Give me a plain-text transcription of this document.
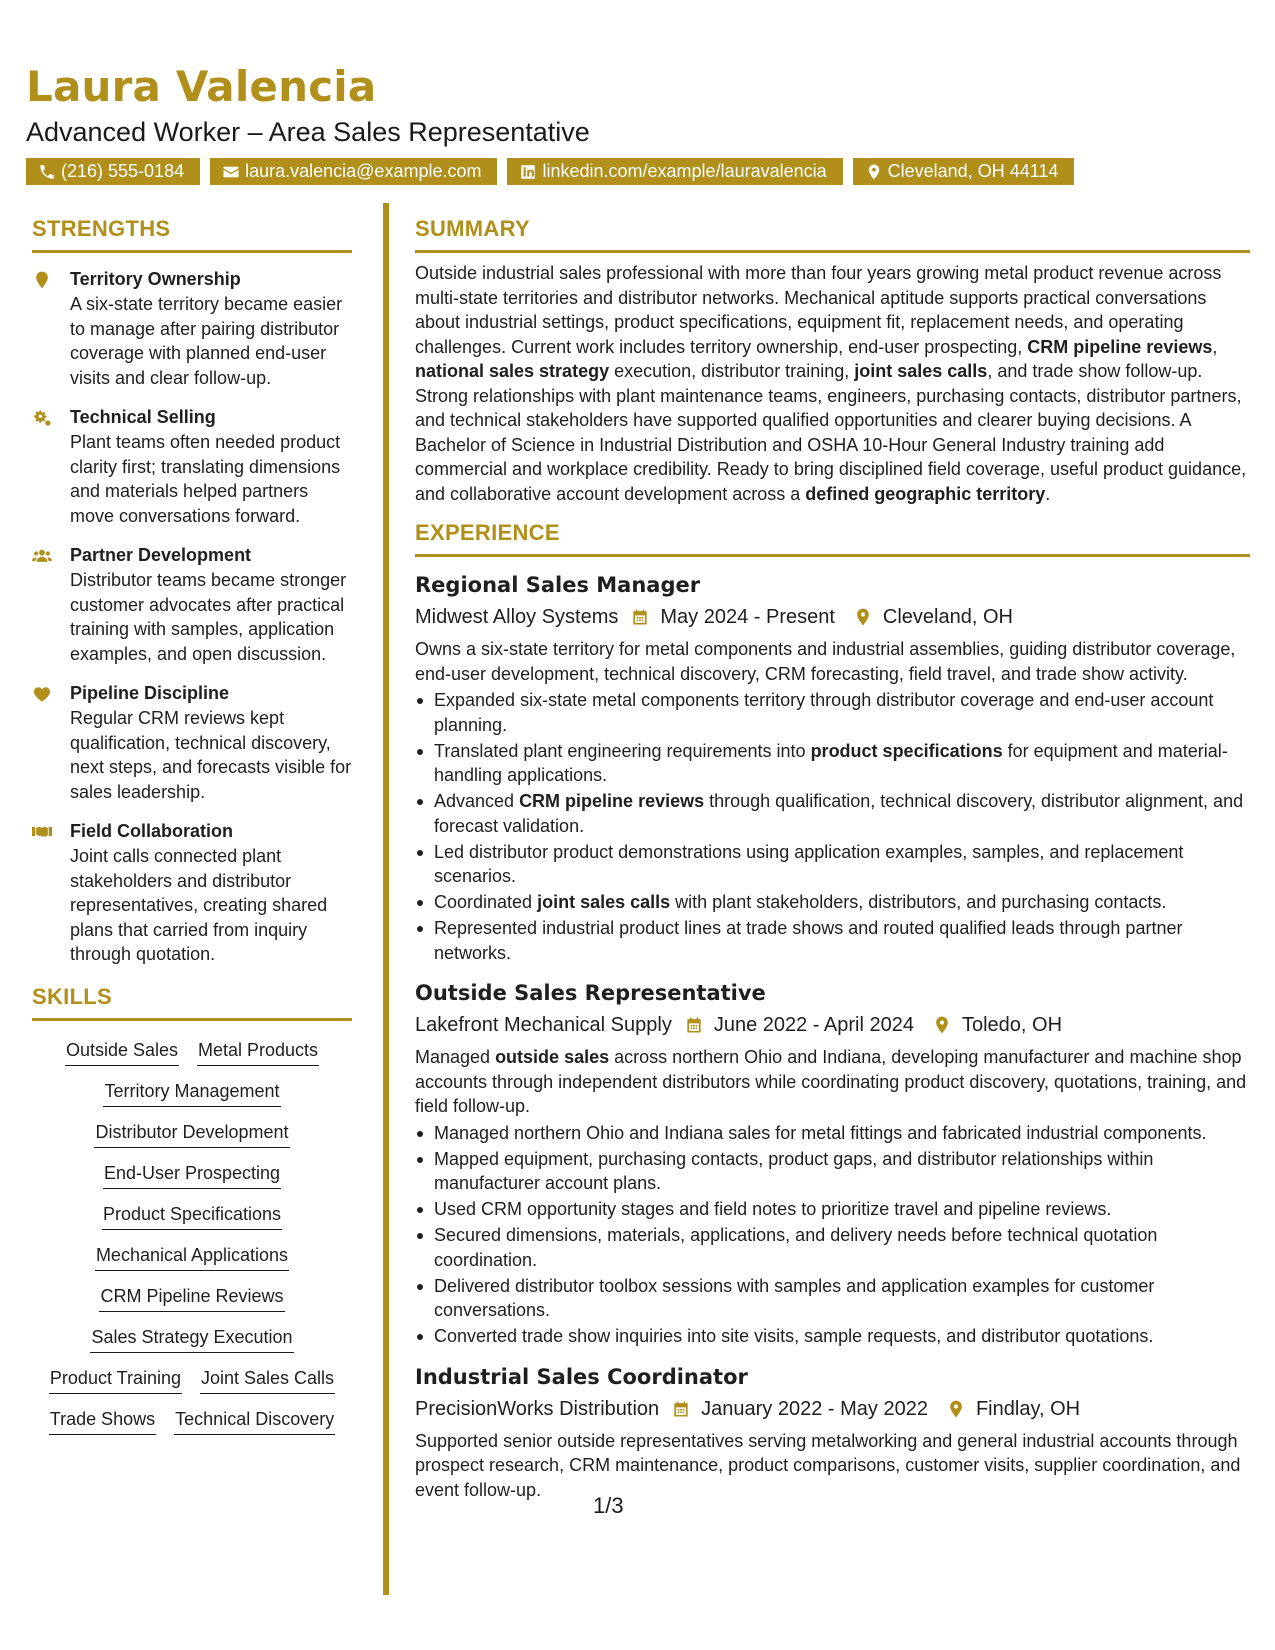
Laura Valencia
Advanced Worker – Area Sales Representative
(216) 555-0184	laura.valencia@example.com	linkedin.com/example/lauravalencia	Cleveland, OH 44114
STRENGTHS
Territory Ownership
A six-state territory became easier to manage after pairing distributor coverage with planned end-user visits and clear follow-up.
Technical Selling
Plant teams often needed product clarity first; translating dimensions and materials helped partners move conversations forward.
Partner Development
Distributor teams became stronger customer advocates after practical training with samples, application examples, and open discussion.
Pipeline Discipline
Regular CRM reviews kept qualification, technical discovery, next steps, and forecasts visible for sales leadership.
Field Collaboration
Joint calls connected plant stakeholders and distributor representatives, creating shared plans that carried from inquiry through quotation.
SKILLS
Outside Sales Metal Products
Territory Management
Distributor Development
End-User Prospecting
Product Specifications
Mechanical Applications
CRM Pipeline Reviews
Sales Strategy Execution
Product Training Joint Sales Calls
Trade Shows Technical Discovery
SUMMARY
Outside industrial sales professional with more than four years growing metal product revenue across multi-state territories and distributor networks. Mechanical aptitude supports practical conversations about industrial settings, product specifications, equipment fit, replacement needs, and operating challenges. Current work includes territory ownership, end-user prospecting, CRM pipeline reviews, national sales strategy execution, distributor training, joint sales calls, and trade show follow-up. Strong relationships with plant maintenance teams, engineers, purchasing contacts, distributor partners, and technical stakeholders have supported qualified opportunities and clearer buying decisions. A Bachelor of Science in Industrial Distribution and OSHA 10-Hour General Industry training add commercial and workplace credibility. Ready to bring disciplined field coverage, useful product guidance, and collaborative account development across a defined geographic territory.
EXPERIENCE
Regional Sales Manager
Midwest Alloy Systems May 2024 - Present Cleveland, OH
Owns a six-state territory for metal components and industrial assemblies, guiding distributor coverage, end-user development, technical discovery, CRM forecasting, field travel, and trade show activity.
Expanded six-state metal components territory through distributor coverage and end-user account planning.
Translated plant engineering requirements into product specifications for equipment and material-handling applications.
Advanced CRM pipeline reviews through qualification, technical discovery, distributor alignment, and forecast validation.
Led distributor product demonstrations using application examples, samples, and replacement scenarios.
Coordinated joint sales calls with plant stakeholders, distributors, and purchasing contacts.
Represented industrial product lines at trade shows and routed qualified leads through partner networks.
Outside Sales Representative
Lakefront Mechanical Supply June 2022 - April 2024 Toledo, OH
Managed outside sales across northern Ohio and Indiana, developing manufacturer and machine shop accounts through independent distributors while coordinating product discovery, quotations, training, and field follow-up.
Managed northern Ohio and Indiana sales for metal fittings and fabricated industrial components.
Mapped equipment, purchasing contacts, product gaps, and distributor relationships within manufacturer account plans.
Used CRM opportunity stages and field notes to prioritize travel and pipeline reviews.
Secured dimensions, materials, applications, and delivery needs before technical quotation coordination.
Delivered distributor toolbox sessions with samples and application examples for customer conversations.
Converted trade show inquiries into site visits, sample requests, and distributor quotations.
Industrial Sales Coordinator
PrecisionWorks Distribution January 2022 - May 2022 Findlay, OH
Supported senior outside representatives serving metalworking and general industrial accounts through prospect research, CRM maintenance, product comparisons, customer visits, supplier coordination, and event follow-up.
1/3
